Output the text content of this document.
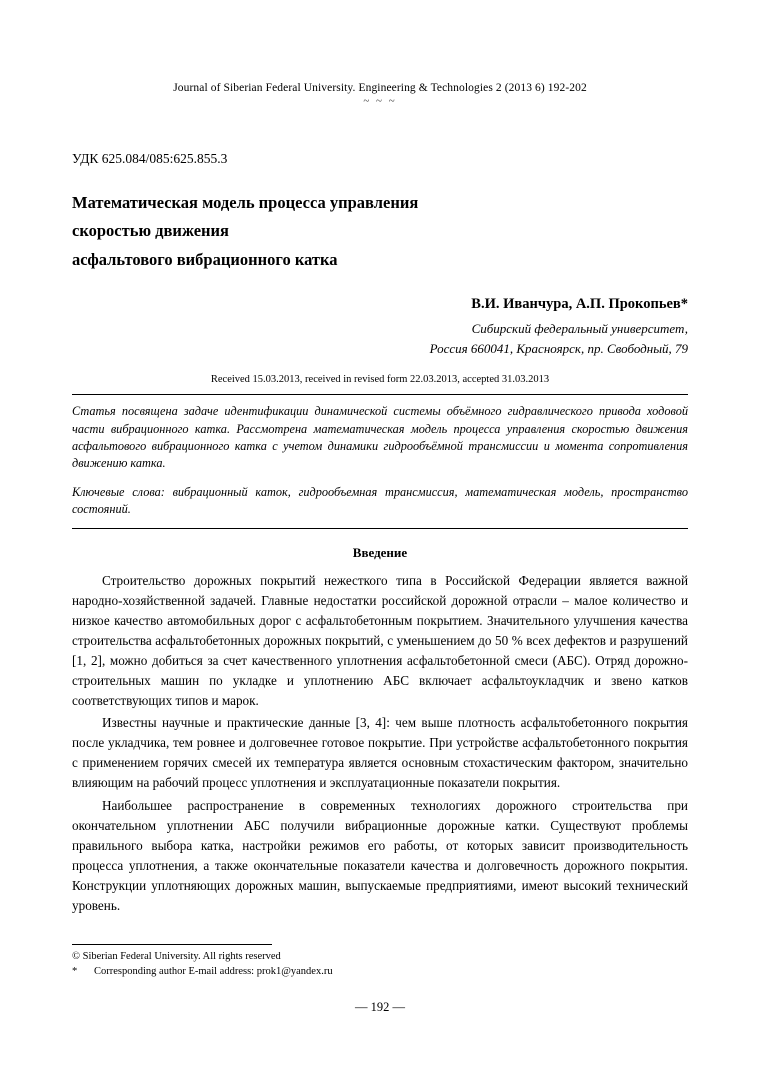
Journal of Siberian Federal University. Engineering & Technologies 2 (2013 6) 192-202
~ ~ ~
УДК 625.084/085:625.855.3
Математическая модель процесса управления
скоростью движения
асфальтового вибрационного катка
В.И. Иванчура, А.П. Прокопьев*
Сибирский федеральный университет,
Россия 660041, Красноярск, пр. Свободный, 79
Received 15.03.2013, received in revised form 22.03.2013, accepted 31.03.2013
Статья посвящена задаче идентификации динамической системы объёмного гидравлического привода ходовой части вибрационного катка. Рассмотрена математическая модель процесса управления скоростью движения асфальтового вибрационного катка с учетом динамики гидрообъёмной трансмиссии и момента сопротивления движению катка.
Ключевые слова: вибрационный каток, гидрообъемная трансмиссия, математическая модель, пространство состояний.
Введение

Строительство дорожных покрытий нежесткого типа в Российской Федерации является важной народно-хозяйственной задачей. Главные недостатки российской дорожной отрасли – малое количество и низкое качество автомобильных дорог с асфальтобетонным покрытием. Значительного улучшения качества строительства асфальтобетонных дорожных покрытий, с уменьшением до 50 % всех дефектов и разрушений [1, 2], можно добиться за счет качественного уплотнения асфальтобетонной смеси (АБС). Отряд дорожно-строительных машин по укладке и уплотнению АБС включает асфальтоукладчик и звено катков соответствующих типов и марок.

Известны научные и практические данные [3, 4]: чем выше плотность асфальтобетонного покрытия после укладчика, тем ровнее и долговечнее готовое покрытие. При устройстве асфальтобетонного покрытия с применением горячих смесей их температура является основным стохастическим фактором, значительно влияющим на рабочий процесс уплотнения и эксплуатационные показатели покрытия.

Наибольшее распространение в современных технологиях дорожного строительства при окончательном уплотнении АБС получили вибрационные дорожные катки. Существуют проблемы правильного выбора катка, настройки режимов его работы, от которых зависит производительность процесса уплотнения, а также окончательные показатели качества и долговечность дорожного покрытия. Конструкции уплотняющих дорожных машин, выпускаемые предприятиями, имеют высокий технический уровень.

© Siberian Federal University. All rights reserved
* Corresponding author E-mail address: prok1@yandex.ru
— 192 —
